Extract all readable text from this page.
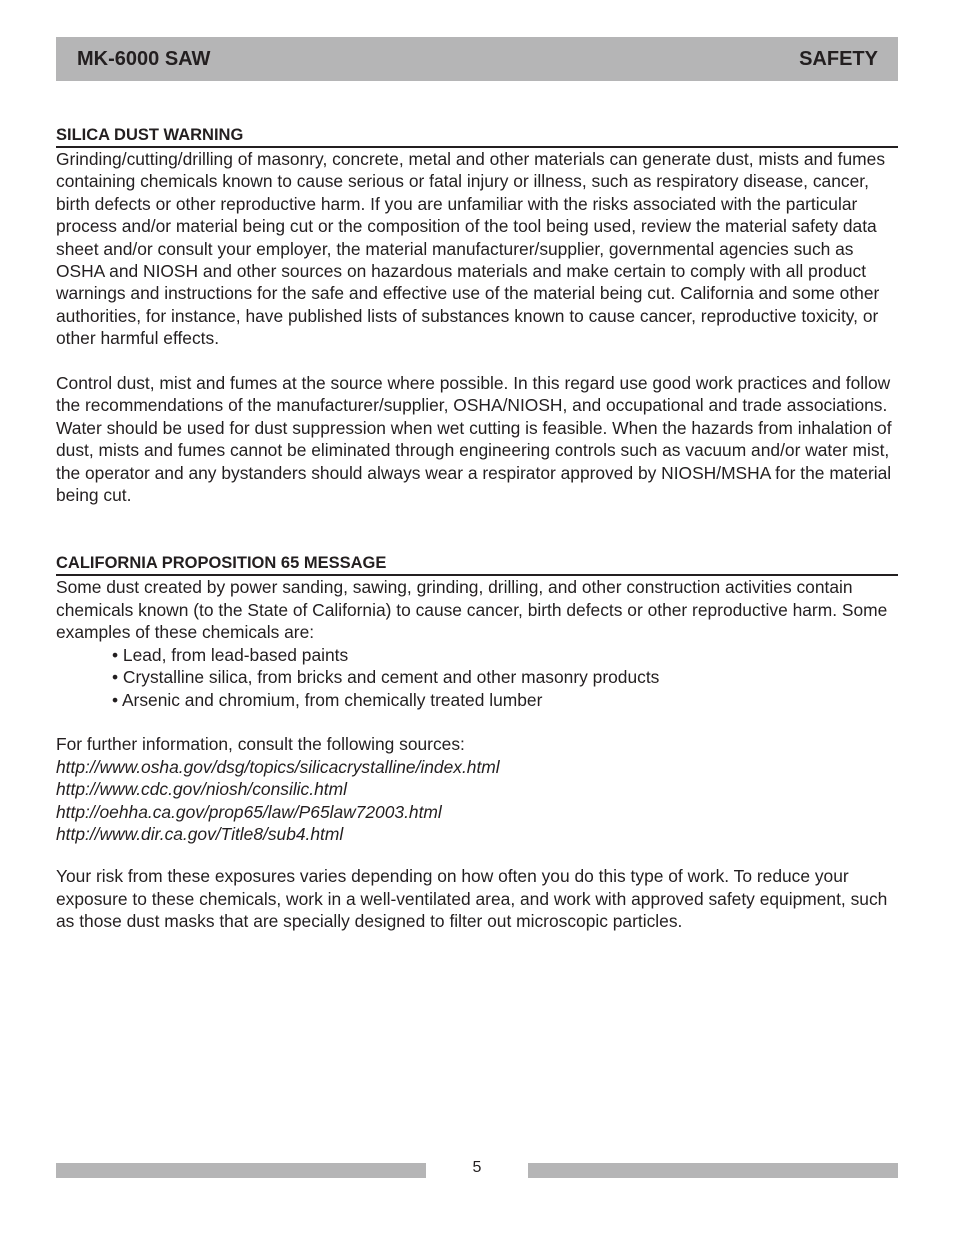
MK-6000 SAW	SAFETY
SILICA DUST WARNING

Grinding/cutting/drilling of masonry, concrete, metal and other materials can generate dust, mists and fumes containing chemicals known to cause serious or fatal injury or illness, such as respiratory disease, cancer, birth defects or other reproductive harm. If you are unfamiliar with the risks associated with the particular process and/or material being cut or the composition of the tool being used, review the material safety data sheet and/or consult your employer, the material manufacturer/supplier, governmental agencies such as OSHA and NIOSH and other sources on hazardous materials and make certain to comply with all product warnings and instructions for the safe and effective use of the material being cut. California and some other authorities, for instance, have published lists of substances known to cause cancer, reproductive toxicity, or other harmful effects.

Control dust, mist and fumes at the source where possible. In this regard use good work practices and follow the recommendations of the manufacturer/supplier, OSHA/NIOSH, and occupational and trade associations. Water should be used for dust suppression when wet cutting is feasible. When the hazards from inhalation of dust, mists and fumes cannot be eliminated through engineering controls such as vacuum and/or water mist, the operator and any bystanders should always wear a respirator approved by NIOSH/MSHA for the material being cut.

CALIFORNIA PROPOSITION 65 MESSAGE

Some dust created by power sanding, sawing, grinding, drilling, and other construction activities contain chemicals known (to the State of California) to cause cancer, birth defects or other reproductive harm. Some examples of these chemicals are:

• Lead, from lead-based paints
• Crystalline silica, from bricks and cement and other masonry products
• Arsenic and chromium, from chemically treated lumber

For further information, consult the following sources:

http://www.osha.gov/dsg/topics/silicacrystalline/index.html
http://www.cdc.gov/niosh/consilic.html
http://oehha.ca.gov/prop65/law/P65law72003.html
http://www.dir.ca.gov/Title8/sub4.html

Your risk from these exposures varies depending on how often you do this type of work. To reduce your exposure to these chemicals, work in a well-ventilated area, and work with approved safety equipment, such as those dust masks that are specially designed to filter out microscopic particles.

5
